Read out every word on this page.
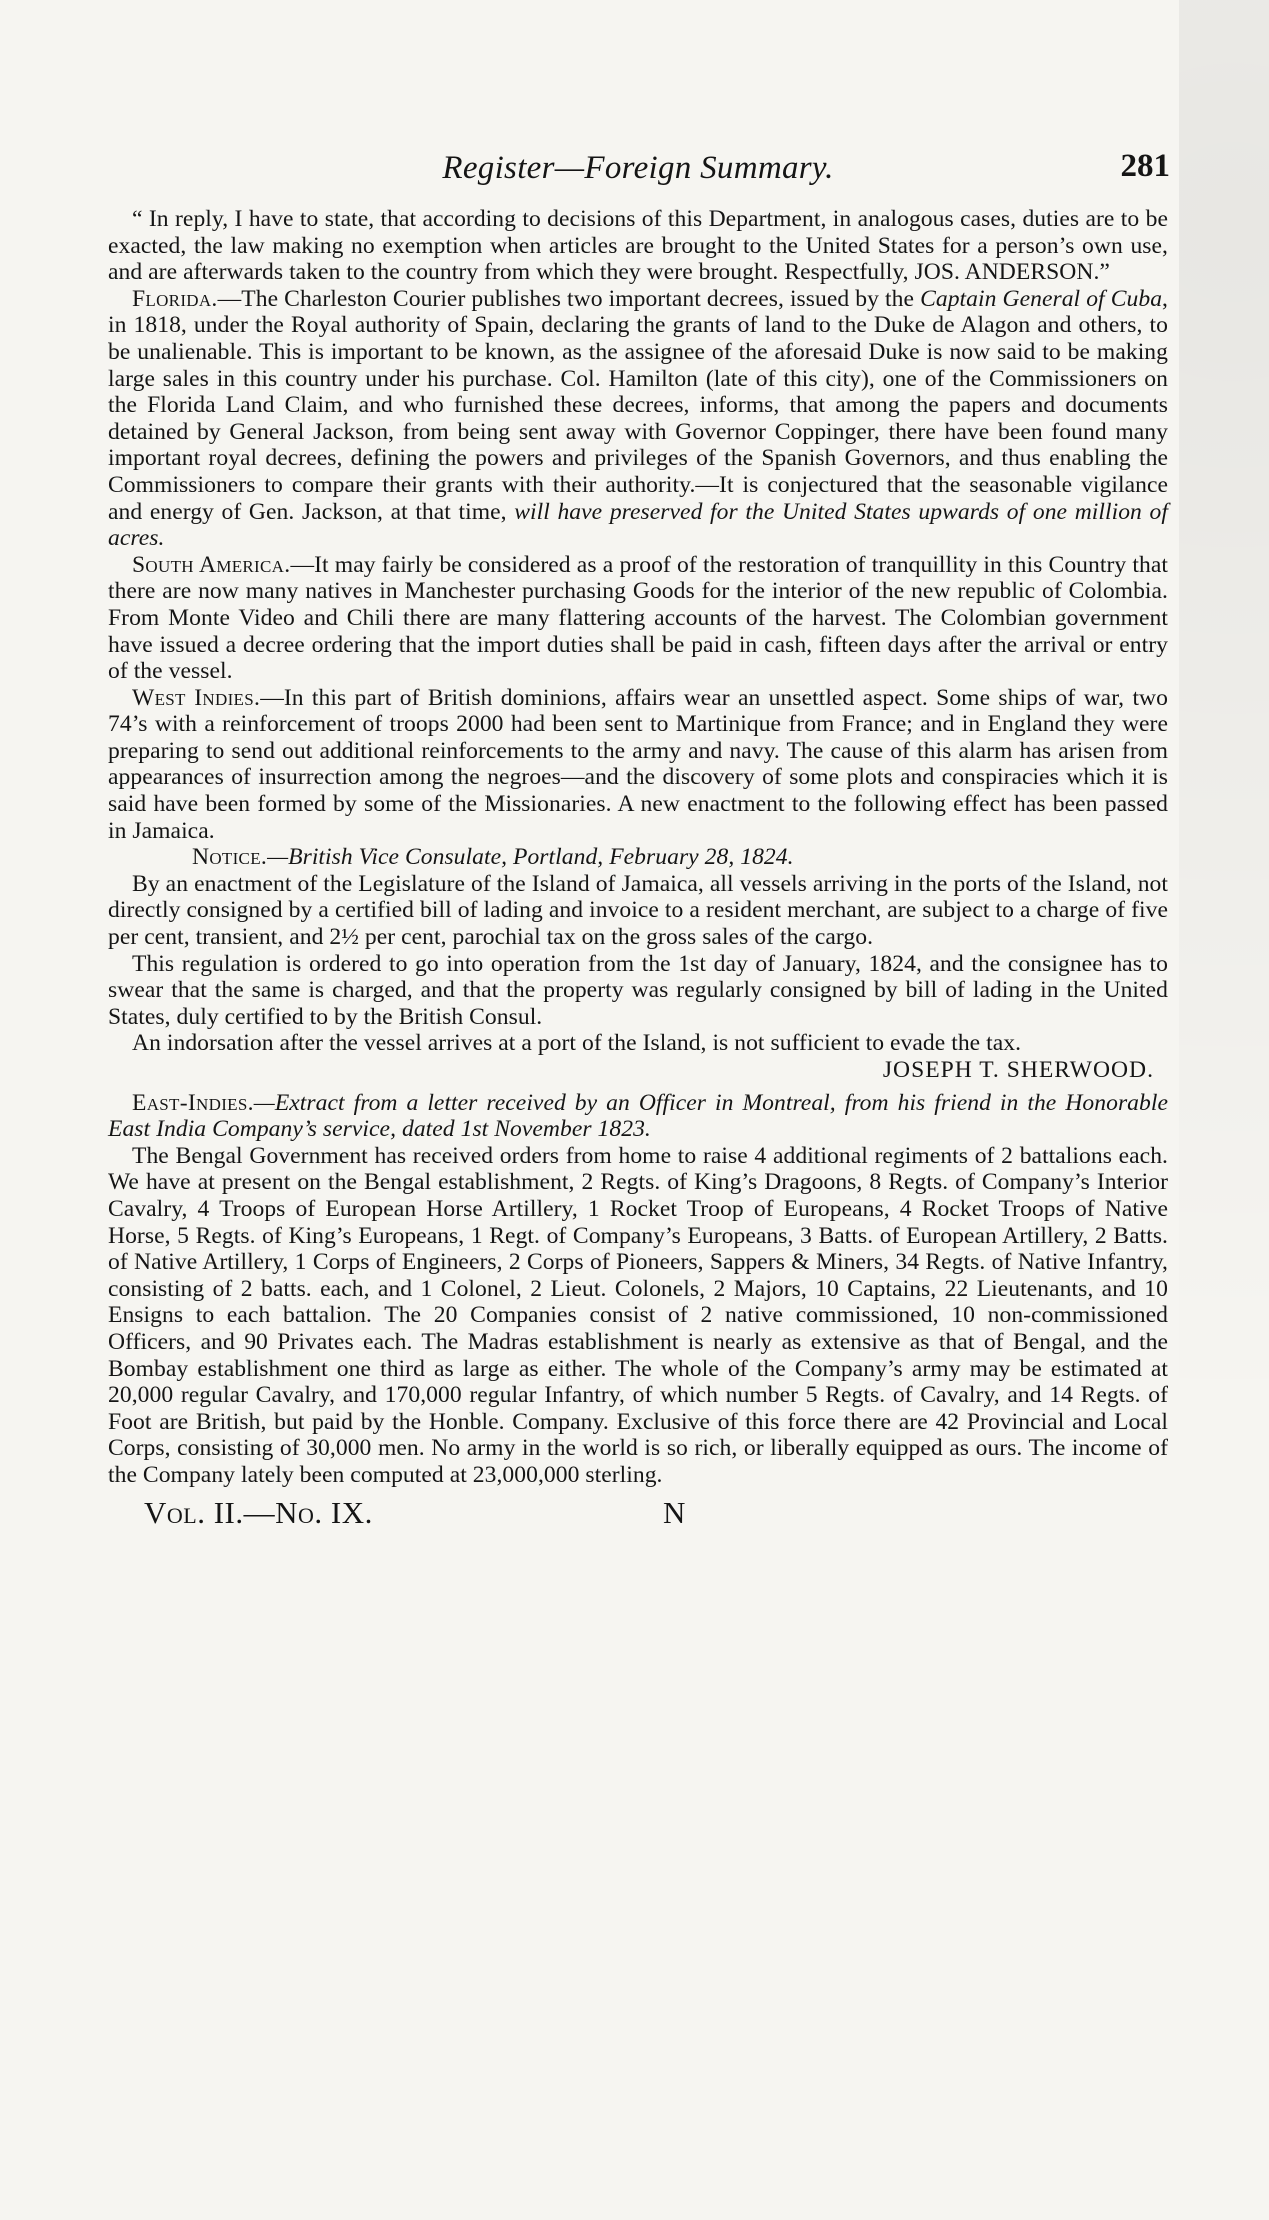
Register—Foreign Summary.	281

“ In reply, I have to state, that according to decisions of this Department, in analogous cases, duties are to be exacted, the law making no exemption when articles are brought to the United States for a person’s own use, and are afterwards taken to the country from which they were brought. Respectfully, JOS. ANDERSON.”

Florida.—The Charleston Courier publishes two important decrees, issued by the Captain General of Cuba, in 1818, under the Royal authority of Spain, declaring the grants of land to the Duke de Alagon and others, to be unalienable. This is important to be known, as the assignee of the aforesaid Duke is now said to be making large sales in this country under his purchase. Col. Hamilton (late of this city), one of the Commissioners on the Florida Land Claim, and who furnished these decrees, informs, that among the papers and documents detained by General Jackson, from being sent away with Governor Coppinger, there have been found many important royal decrees, defining the powers and privileges of the Spanish Governors, and thus enabling the Commissioners to compare their grants with their authority.—It is conjectured that the seasonable vigilance and energy of Gen. Jackson, at that time, will have preserved for the United States upwards of one million of acres.

South America.—It may fairly be considered as a proof of the restoration of tranquillity in this Country that there are now many natives in Manchester purchasing Goods for the interior of the new republic of Colombia. From Monte Video and Chili there are many flattering accounts of the harvest. The Colombian government have issued a decree ordering that the import duties shall be paid in cash, fifteen days after the arrival or entry of the vessel.

West Indies.—In this part of British dominions, affairs wear an unsettled aspect. Some ships of war, two 74’s with a reinforcement of troops 2000 had been sent to Martinique from France; and in England they were preparing to send out additional reinforcements to the army and navy. The cause of this alarm has arisen from appearances of insurrection among the negroes—and the discovery of some plots and conspiracies which it is said have been formed by some of the Missionaries. A new enactment to the following effect has been passed in Jamaica.

Notice.—British Vice Consulate, Portland, February 28, 1824.

By an enactment of the Legislature of the Island of Jamaica, all vessels arriving in the ports of the Island, not directly consigned by a certified bill of lading and invoice to a resident merchant, are subject to a charge of five per cent, transient, and 2½ per cent, parochial tax on the gross sales of the cargo.

This regulation is ordered to go into operation from the 1st day of January, 1824, and the consignee has to swear that the same is charged, and that the property was regularly consigned by bill of lading in the United States, duly certified to by the British Consul.

An indorsation after the vessel arrives at a port of the Island, is not sufficient to evade the tax.

JOSEPH T. SHERWOOD.

East-Indies.—Extract from a letter received by an Officer in Montreal, from his friend in the Honorable East India Company’s service, dated 1st November 1823.

The Bengal Government has received orders from home to raise 4 additional regiments of 2 battalions each. We have at present on the Bengal establishment, 2 Regts. of King’s Dragoons, 8 Regts. of Company’s Interior Cavalry, 4 Troops of European Horse Artillery, 1 Rocket Troop of Europeans, 4 Rocket Troops of Native Horse, 5 Regts. of King’s Europeans, 1 Regt. of Company’s Europeans, 3 Batts. of European Artillery, 2 Batts. of Native Artillery, 1 Corps of Engineers, 2 Corps of Pioneers, Sappers & Miners, 34 Regts. of Native Infantry, consisting of 2 batts. each, and 1 Colonel, 2 Lieut. Colonels, 2 Majors, 10 Captains, 22 Lieutenants, and 10 Ensigns to each battalion. The 20 Companies consist of 2 native commissioned, 10 non-commissioned Officers, and 90 Privates each. The Madras establishment is nearly as extensive as that of Bengal, and the Bombay establishment one third as large as either. The whole of the Company’s army may be estimated at 20,000 regular Cavalry, and 170,000 regular Infantry, of which number 5 Regts. of Cavalry, and 14 Regts. of Foot are British, but paid by the Honble. Company. Exclusive of this force there are 42 Provincial and Local Corps, consisting of 30,000 men. No army in the world is so rich, or liberally equipped as ours. The income of the Company lately been computed at 23,000,000 sterling.

Vol. II.—No. IX.	N
